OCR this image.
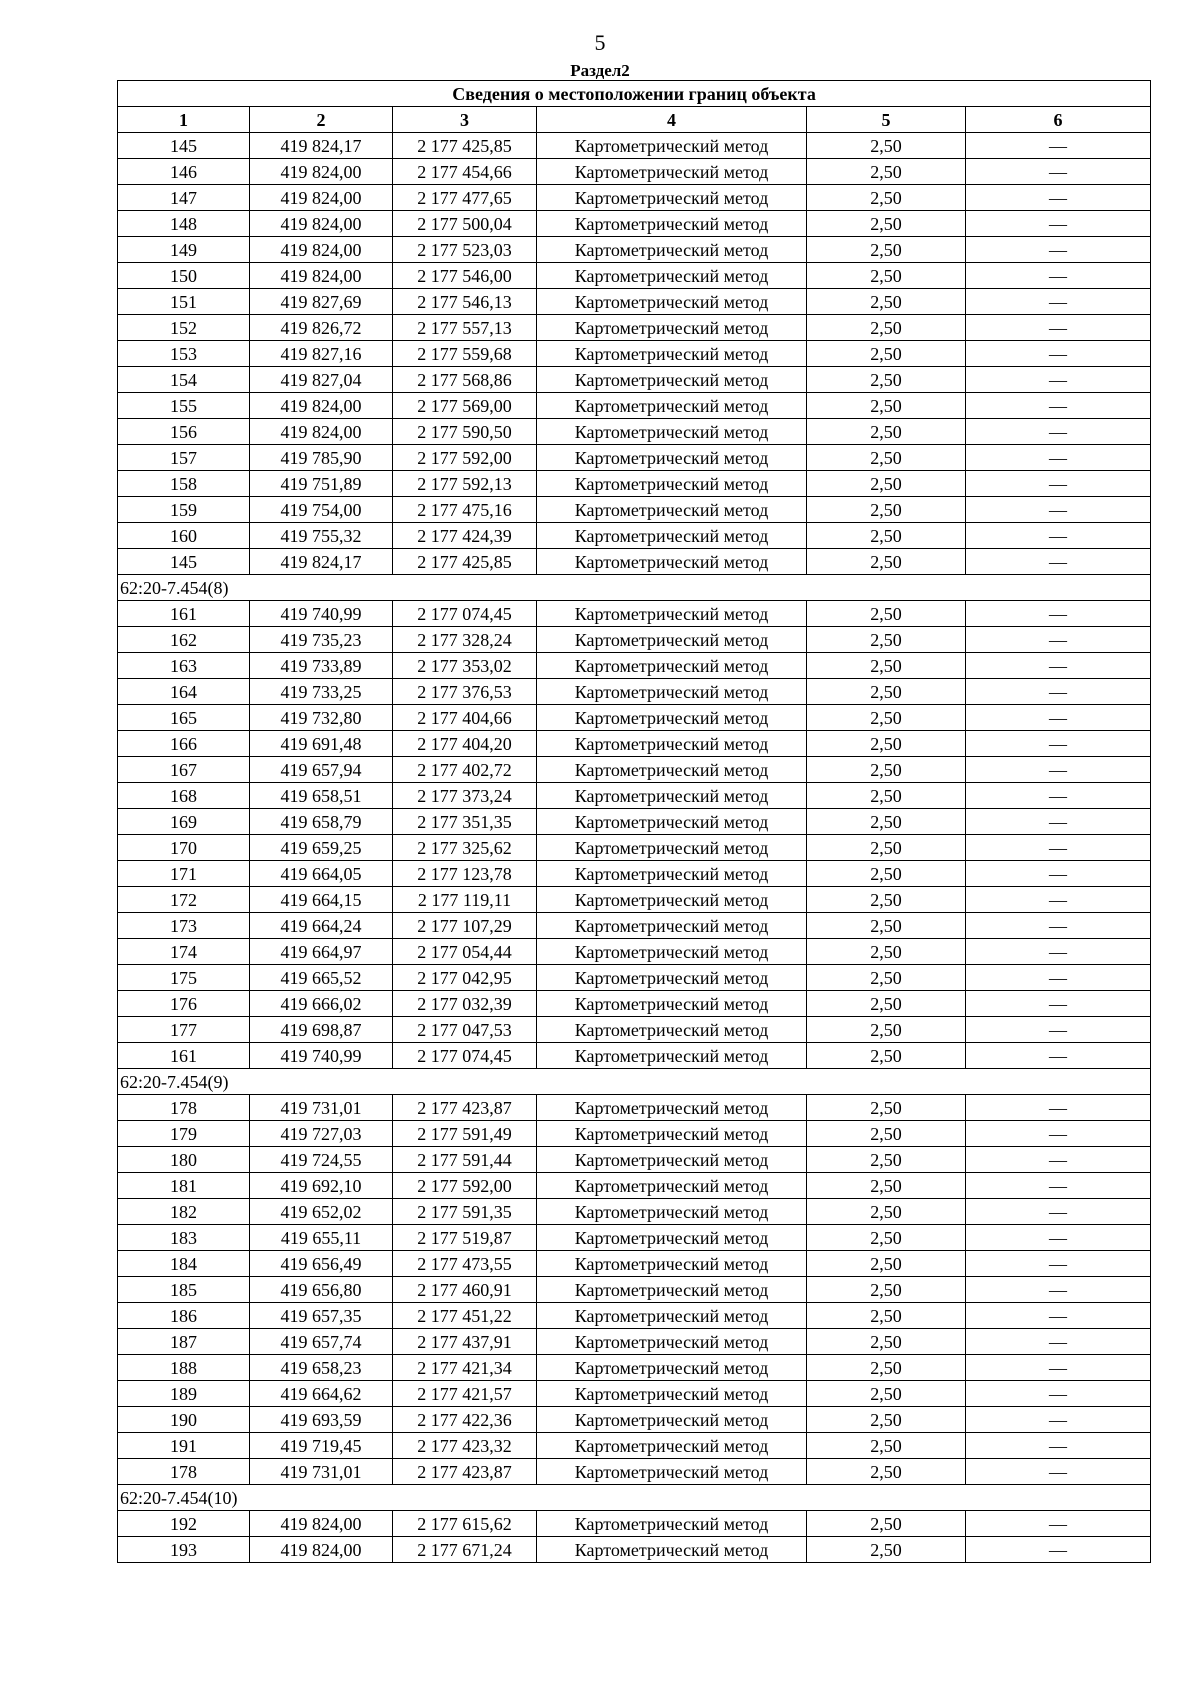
5
Раздел2
Сведения о местоположении границ объекта					
1	2	3	4	5	6
145	419 824,17	2 177 425,85	Картометрический метод	2,50	—
146	419 824,00	2 177 454,66	Картометрический метод	2,50	—
147	419 824,00	2 177 477,65	Картометрический метод	2,50	—
148	419 824,00	2 177 500,04	Картометрический метод	2,50	—
149	419 824,00	2 177 523,03	Картометрический метод	2,50	—
150	419 824,00	2 177 546,00	Картометрический метод	2,50	—
151	419 827,69	2 177 546,13	Картометрический метод	2,50	—
152	419 826,72	2 177 557,13	Картометрический метод	2,50	—
153	419 827,16	2 177 559,68	Картометрический метод	2,50	—
154	419 827,04	2 177 568,86	Картометрический метод	2,50	—
155	419 824,00	2 177 569,00	Картометрический метод	2,50	—
156	419 824,00	2 177 590,50	Картометрический метод	2,50	—
157	419 785,90	2 177 592,00	Картометрический метод	2,50	—
158	419 751,89	2 177 592,13	Картометрический метод	2,50	—
159	419 754,00	2 177 475,16	Картометрический метод	2,50	—
160	419 755,32	2 177 424,39	Картометрический метод	2,50	—
145	419 824,17	2 177 425,85	Картометрический метод	2,50	—
62:20-7.454(8)					
161	419 740,99	2 177 074,45	Картометрический метод	2,50	—
162	419 735,23	2 177 328,24	Картометрический метод	2,50	—
163	419 733,89	2 177 353,02	Картометрический метод	2,50	—
164	419 733,25	2 177 376,53	Картометрический метод	2,50	—
165	419 732,80	2 177 404,66	Картометрический метод	2,50	—
166	419 691,48	2 177 404,20	Картометрический метод	2,50	—
167	419 657,94	2 177 402,72	Картометрический метод	2,50	—
168	419 658,51	2 177 373,24	Картометрический метод	2,50	—
169	419 658,79	2 177 351,35	Картометрический метод	2,50	—
170	419 659,25	2 177 325,62	Картометрический метод	2,50	—
171	419 664,05	2 177 123,78	Картометрический метод	2,50	—
172	419 664,15	2 177 119,11	Картометрический метод	2,50	—
173	419 664,24	2 177 107,29	Картометрический метод	2,50	—
174	419 664,97	2 177 054,44	Картометрический метод	2,50	—
175	419 665,52	2 177 042,95	Картометрический метод	2,50	—
176	419 666,02	2 177 032,39	Картометрический метод	2,50	—
177	419 698,87	2 177 047,53	Картометрический метод	2,50	—
161	419 740,99	2 177 074,45	Картометрический метод	2,50	—
62:20-7.454(9)					
178	419 731,01	2 177 423,87	Картометрический метод	2,50	—
179	419 727,03	2 177 591,49	Картометрический метод	2,50	—
180	419 724,55	2 177 591,44	Картометрический метод	2,50	—
181	419 692,10	2 177 592,00	Картометрический метод	2,50	—
182	419 652,02	2 177 591,35	Картометрический метод	2,50	—
183	419 655,11	2 177 519,87	Картометрический метод	2,50	—
184	419 656,49	2 177 473,55	Картометрический метод	2,50	—
185	419 656,80	2 177 460,91	Картометрический метод	2,50	—
186	419 657,35	2 177 451,22	Картометрический метод	2,50	—
187	419 657,74	2 177 437,91	Картометрический метод	2,50	—
188	419 658,23	2 177 421,34	Картометрический метод	2,50	—
189	419 664,62	2 177 421,57	Картометрический метод	2,50	—
190	419 693,59	2 177 422,36	Картометрический метод	2,50	—
191	419 719,45	2 177 423,32	Картометрический метод	2,50	—
178	419 731,01	2 177 423,87	Картометрический метод	2,50	—
62:20-7.454(10)					
192	419 824,00	2 177 615,62	Картометрический метод	2,50	—
193	419 824,00	2 177 671,24	Картометрический метод	2,50	—
